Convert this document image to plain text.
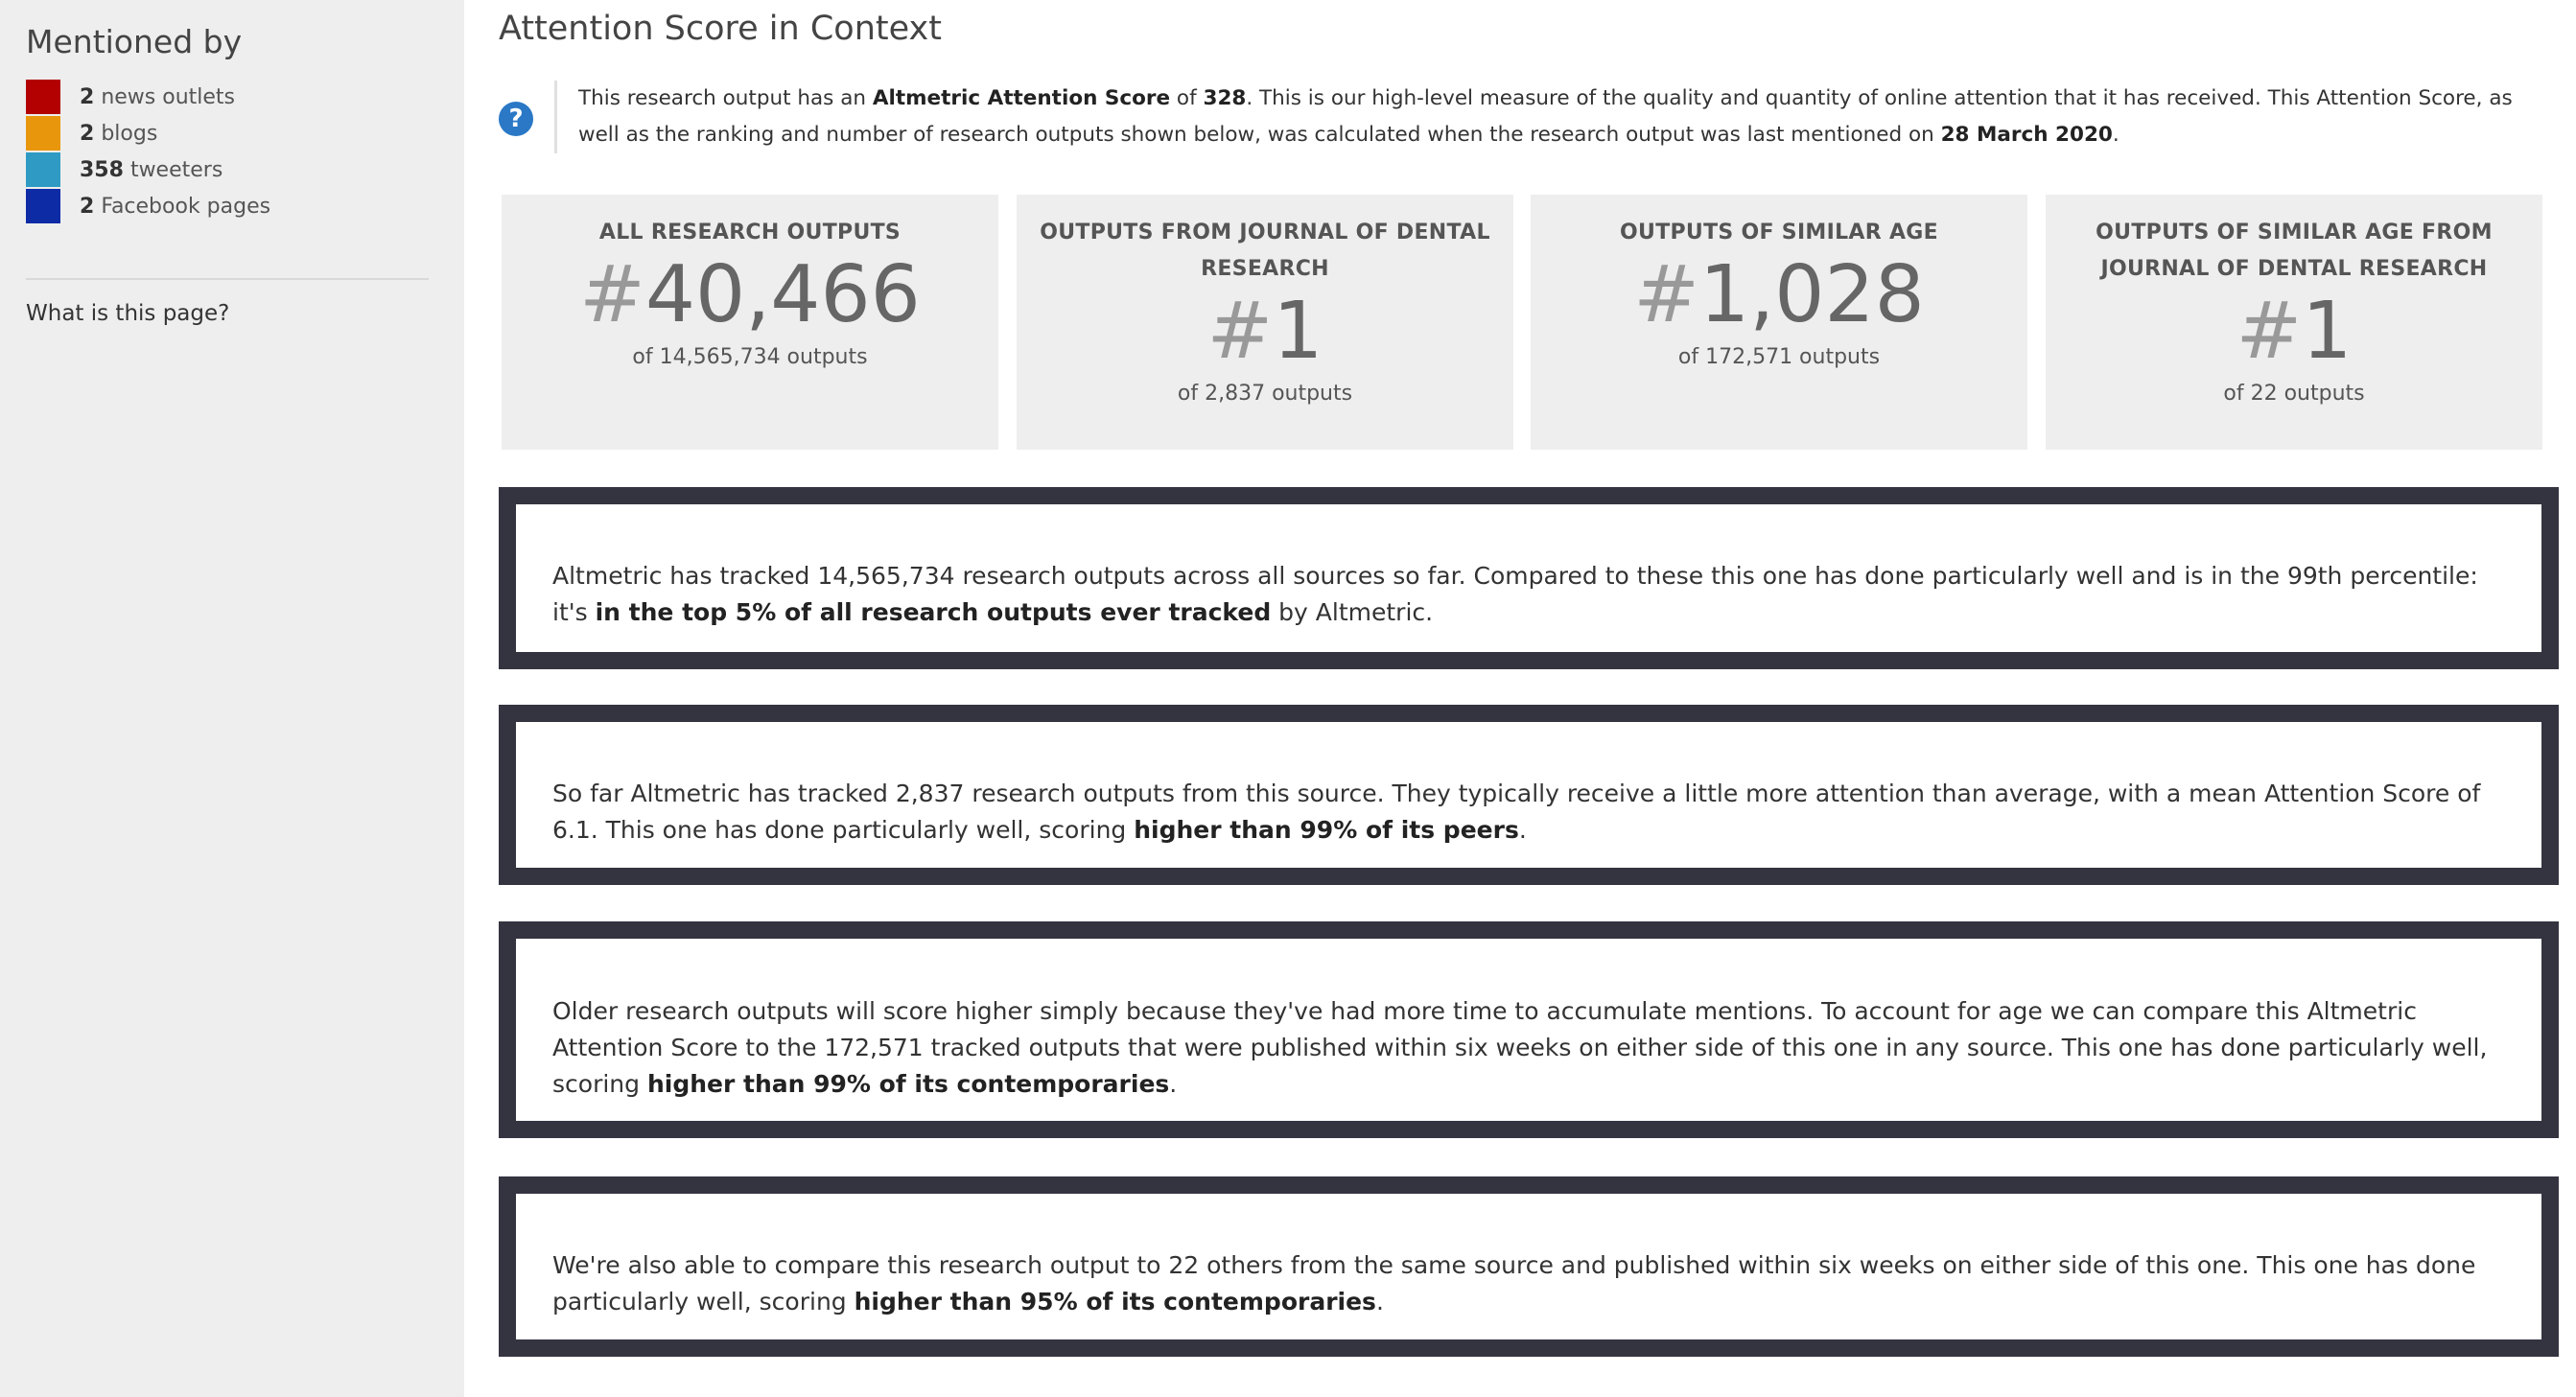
Mentioned by
2 news outlets
2 blogs
358 tweeters
2 Facebook pages
What is this page?
Attention Score in Context
?

This research output has an Altmetric Attention Score of 328. This is our high-level measure of the quality and quantity of online attention that it has received. This Attention Score, as well as the ranking and number of research outputs shown below, was calculated when the research output was last mentioned on 28 March 2020.

ALL RESEARCH OUTPUTS
#40,466
of 14,565,734 outputs
OUTPUTS FROM JOURNAL OF DENTAL RESEARCH
#1
of 2,837 outputs
OUTPUTS OF SIMILAR AGE
#1,028
of 172,571 outputs
OUTPUTS OF SIMILAR AGE FROM JOURNAL OF DENTAL RESEARCH
#1
of 22 outputs

Altmetric has tracked 14,565,734 research outputs across all sources so far. Compared to these this one has done particularly well and is in the 99th percentile: it's in the top 5% of all research outputs ever tracked by Altmetric.

So far Altmetric has tracked 2,837 research outputs from this source. They typically receive a little more attention than average, with a mean Attention Score of 6.1. This one has done particularly well, scoring higher than 99% of its peers.

Older research outputs will score higher simply because they've had more time to accumulate mentions. To account for age we can compare this Altmetric Attention Score to the 172,571 tracked outputs that were published within six weeks on either side of this one in any source. This one has done particularly well, scoring higher than 99% of its contemporaries.

We're also able to compare this research output to 22 others from the same source and published within six weeks on either side of this one. This one has done particularly well, scoring higher than 95% of its contemporaries.
